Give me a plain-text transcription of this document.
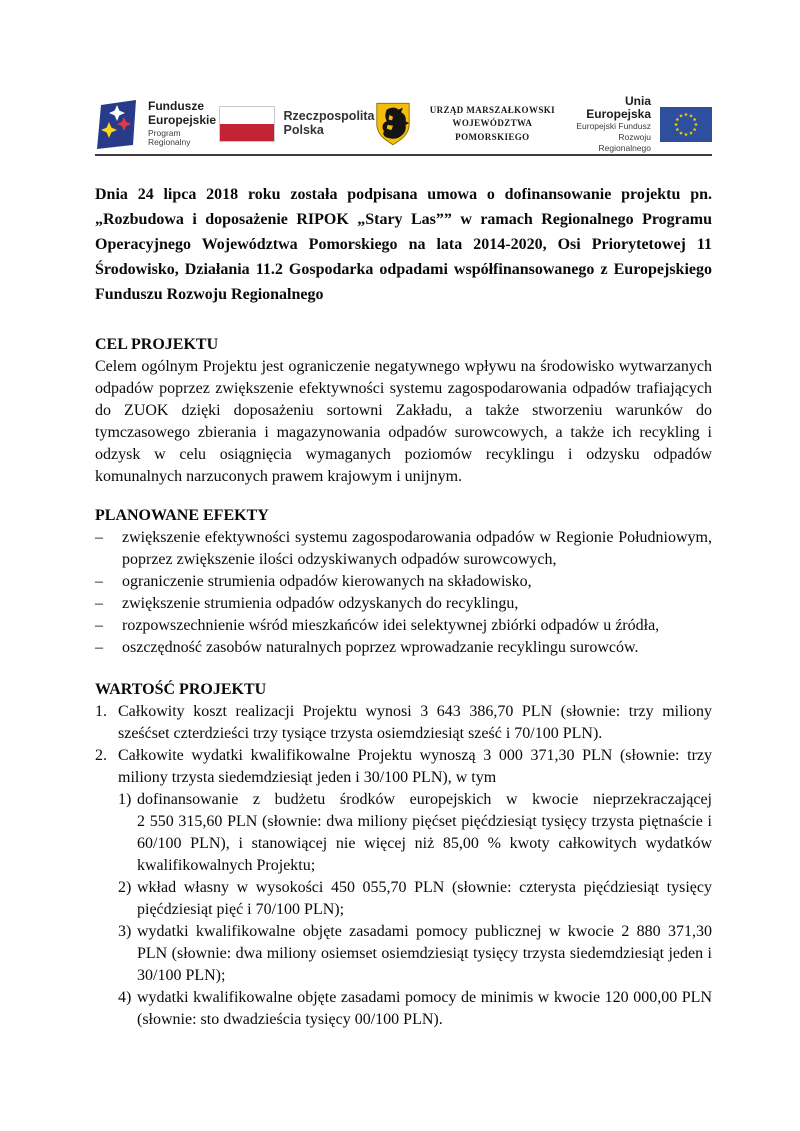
Fundusze
Europejskie
Program Regionalny
Rzeczpospolita
Polska
URZĄD MARSZAŁKOWSKI
WOJEWÓDZTWA POMORSKIEGO
Unia Europejska
Europejski Fundusz
Rozwoju Regionalnego

Dnia 24 lipca 2018 roku została podpisana umowa o dofinansowanie projektu pn. „Rozbudowa i doposażenie RIPOK „Stary Las”” w ramach Regionalnego Programu Operacyjnego Województwa Pomorskiego na lata 2014-2020, Osi Priorytetowej 11 Środowisko, Działania 11.2 Gospodarka odpadami współfinansowanego z Europejskiego Funduszu Rozwoju Regionalnego

CEL PROJEKTU

Celem ogólnym Projektu jest ograniczenie negatywnego wpływu na środowisko wytwarzanych odpadów poprzez zwiększenie efektywności systemu zagospodarowania odpadów trafiających do ZUOK dzięki doposażeniu sortowni Zakładu, a także stworzeniu warunków do tymczasowego zbierania i magazynowania odpadów surowcowych, a także ich recykling i odzysk w celu osiągnięcia wymaganych poziomów recyklingu i odzysku odpadów komunalnych narzuconych prawem krajowym i unijnym.

PLANOWANE EFEKTY
–	zwiększenie efektywności systemu zagospodarowania odpadów w Regionie Południowym, poprzez zwiększenie ilości odzyskiwanych odpadów surowcowych,
–	ograniczenie strumienia odpadów kierowanych na składowisko,
–	zwiększenie strumienia odpadów odzyskanych do recyklingu,
–	rozpowszechnienie wśród mieszkańców idei selektywnej zbiórki odpadów u źródła,
–	oszczędność zasobów naturalnych poprzez wprowadzanie recyklingu surowców.
WARTOŚĆ PROJEKTU
1. Całkowity koszt realizacji Projektu wynosi 3 643 386,70 PLN (słownie: trzy miliony sześćset czterdzieści trzy tysiące trzysta osiemdziesiąt sześć i 70/100 PLN).
2. Całkowite wydatki kwalifikowalne Projektu wynoszą 3 000 371,30 PLN (słownie: trzy miliony trzysta siedemdziesiąt jeden i 30/100 PLN), w tym
1) dofinansowanie z budżetu środków europejskich w kwocie nieprzekraczającej 2 550 315,60 PLN (słownie: dwa miliony pięćset pięćdziesiąt tysięcy trzysta piętnaście i 60/100 PLN), i stanowiącej nie więcej niż 85,00 % kwoty całkowitych wydatków kwalifikowalnych Projektu;
2) wkład własny w wysokości 450 055,70 PLN (słownie: czterysta pięćdziesiąt tysięcy pięćdziesiąt pięć i 70/100 PLN);
3) wydatki kwalifikowalne objęte zasadami pomocy publicznej w kwocie 2 880 371,30 PLN (słownie: dwa miliony osiemset osiemdziesiąt tysięcy trzysta siedemdziesiąt jeden i 30/100 PLN);
4) wydatki kwalifikowalne objęte zasadami pomocy de minimis w kwocie 120 000,00 PLN (słownie: sto dwadzieścia tysięcy 00/100 PLN).
